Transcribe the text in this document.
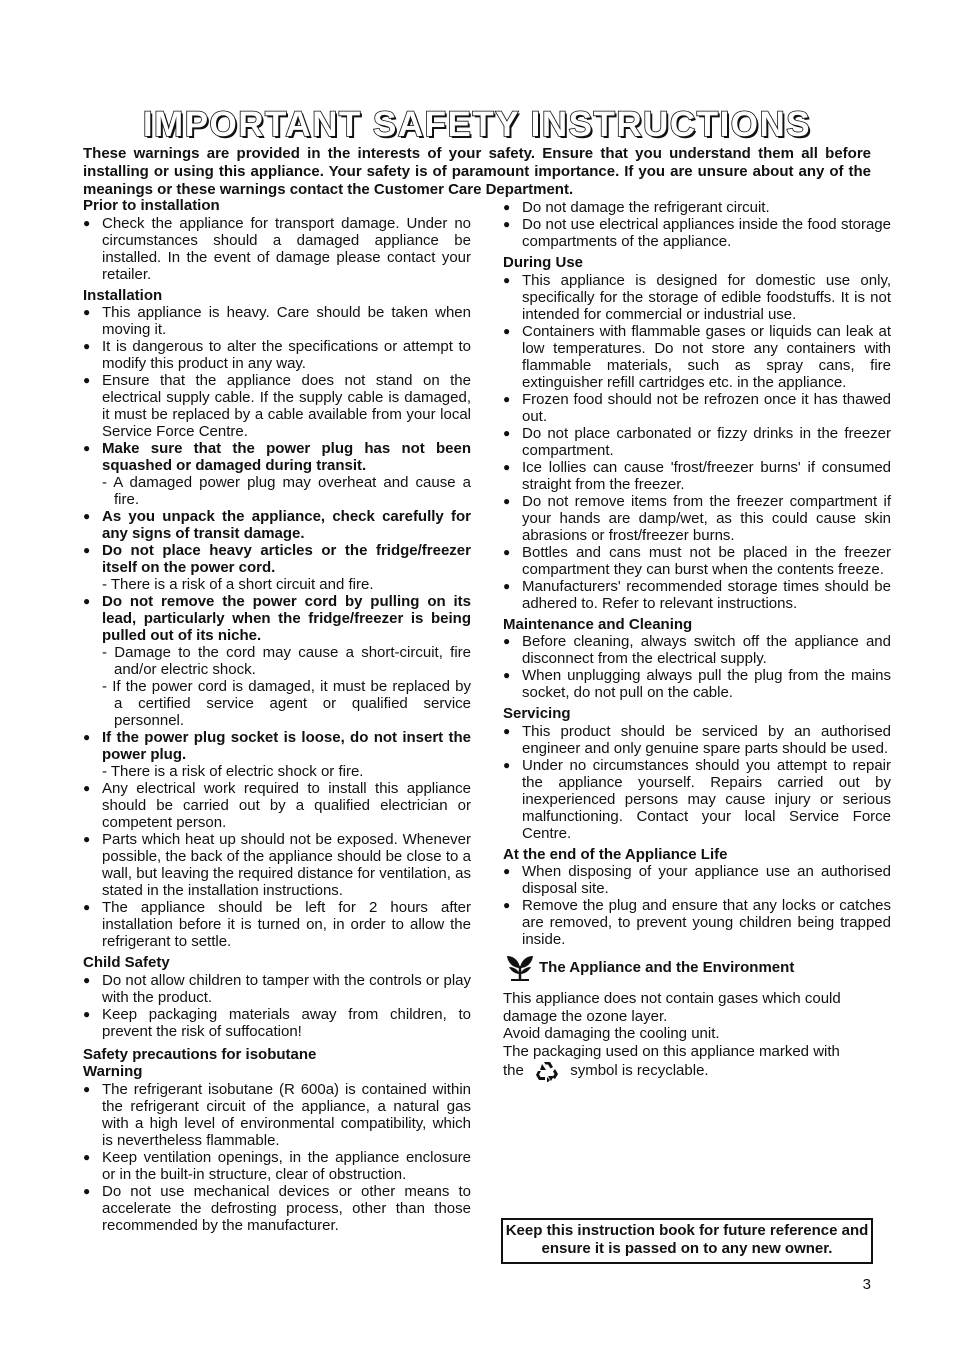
IMPORTANT SAFETY INSTRUCTIONS

These warnings are provided in the interests of your safety. Ensure that you understand them all before installing or using this appliance. Your safety is of paramount importance. If you are unsure about any of the meanings or these warnings contact the Customer Care Department.

Prior to installation
● Check the appliance for transport damage. Under no circumstances should a damaged appliance be installed. In the event of damage please contact your retailer.
Installation
● This appliance is heavy. Care should be taken when moving it.
● It is dangerous to alter the specifications or attempt to modify this product in any way.
● Ensure that the appliance does not stand on the electrical supply cable. If the supply cable is damaged, it must be replaced by a cable available from your local Service Force Centre.
● Make sure that the power plug has not been squashed or damaged during transit.
- A damaged power plug may overheat and cause a fire.
● As you unpack the appliance, check carefully for any signs of transit damage.
● Do not place heavy articles or the fridge/freezer itself on the power cord.
- There is a risk of a short circuit and fire.
● Do not remove the power cord by pulling on its lead, particularly when the fridge/freezer is being pulled out of its niche.
- Damage to the cord may cause a short-circuit, fire and/or electric shock.
- If the power cord is damaged, it must be replaced by a certified service agent or qualified service personnel.
● If the power plug socket is loose, do not insert the power plug.
- There is a risk of electric shock or fire.
● Any electrical work required to install this appliance should be carried out by a qualified electrician or competent person.
● Parts which heat up should not be exposed. Whenever possible, the back of the appliance should be close to a wall, but leaving the required distance for ventilation, as stated in the installation instructions.
● The appliance should be left for 2 hours after installation before it is turned on, in order to allow the refrigerant to settle.
Child Safety
● Do not allow children to tamper with the controls or play with the product.
● Keep packaging materials away from children, to prevent the risk of suffocation!
Safety precautions for isobutane
Warning
● The refrigerant isobutane (R 600a) is contained within the refrigerant circuit of the appliance, a natural gas with a high level of environmental compatibility, which is nevertheless flammable.
● Keep ventilation openings, in the appliance enclosure or in the built-in structure, clear of obstruction.
● Do not use mechanical devices or other means to accelerate the defrosting process, other than those recommended by the manufacturer.
● Do not damage the refrigerant circuit.
● Do not use electrical appliances inside the food storage compartments of the appliance.
During Use
● This appliance is designed for domestic use only, specifically for the storage of edible foodstuffs. It is not intended for commercial or industrial use.
● Containers with flammable gases or liquids can leak at low temperatures. Do not store any containers with flammable materials, such as spray cans, fire extinguisher refill cartridges etc. in the appliance.
● Frozen food should not be refrozen once it has thawed out.
● Do not place carbonated or fizzy drinks in the freezer compartment.
● Ice lollies can cause 'frost/freezer burns' if consumed straight from the freezer.
● Do not remove items from the freezer compartment if your hands are damp/wet, as this could cause skin abrasions or frost/freezer burns.
● Bottles and cans must not be placed in the freezer compartment they can burst when the contents freeze.
● Manufacturers' recommended storage times should be adhered to. Refer to relevant instructions.
Maintenance and Cleaning
● Before cleaning, always switch off the appliance and disconnect from the electrical supply.
● When unplugging always pull the plug from the mains socket, do not pull on the cable.
Servicing
● This product should be serviced by an authorised engineer and only genuine spare parts should be used.
● Under no circumstances should you attempt to repair the appliance yourself. Repairs carried out by inexperienced persons may cause injury or serious malfunctioning. Contact your local Service Force Centre.
At the end of the Appliance Life
● When disposing of your appliance use an authorised disposal site.
● Remove the plug and ensure that any locks or catches are removed, to prevent young children being trapped inside.
The Appliance and the Environment

This appliance does not contain gases which could damage the ozone layer.

Avoid damaging the cooling unit.

The packaging used on this appliance marked with

the	symbol is recyclable.

Keep this instruction book for future reference and ensure it is passed on to any new owner.
3
